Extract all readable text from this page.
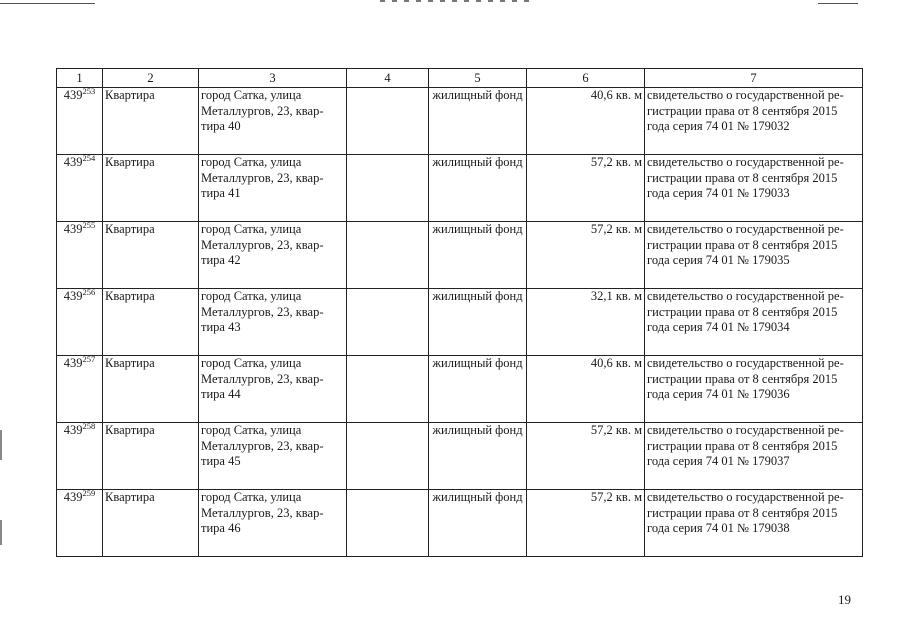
1	2	3	4	5	6	7
$439^{253}$	Квартира	город Сатка, улица Металлургов, 23, квар-тира 40		жилищный фонд	40,6 кв. м	свидетельство о государственной ре-гистрации права от 8 сентября 2015 года серия 74 01 № 179032
$439^{254}$	Квартира	город Сатка, улица Металлургов, 23, квар-тира 41		жилищный фонд	57,2 кв. м	свидетельство о государственной ре-гистрации права от 8 сентября 2015 года серия 74 01 № 179033
$439^{255}$	Квартира	город Сатка, улица Металлургов, 23, квар-тира 42		жилищный фонд	57,2 кв. м	свидетельство о государственной ре-гистрации права от 8 сентября 2015 года серия 74 01 № 179035
$439^{256}$	Квартира	город Сатка, улица Металлургов, 23, квар-тира 43		жилищный фонд	32,1 кв. м	свидетельство о государственной ре-гистрации права от 8 сентября 2015 года серия 74 01 № 179034
$439^{257}$	Квартира	город Сатка, улица Металлургов, 23, квар-тира 44		жилищный фонд	40,6 кв. м	свидетельство о государственной ре-гистрации права от 8 сентября 2015 года серия 74 01 № 179036
$439^{258}$	Квартира	город Сатка, улица Металлургов, 23, квар-тира 45		жилищный фонд	57,2 кв. м	свидетельство о государственной ре-гистрации права от 8 сентября 2015 года серия 74 01 № 179037
$439^{259}$	Квартира	город Сатка, улица Металлургов, 23, квар-тира 46		жилищный фонд	57,2 кв. м	свидетельство о государственной ре-гистрации права от 8 сентября 2015 года серия 74 01 № 179038
19
